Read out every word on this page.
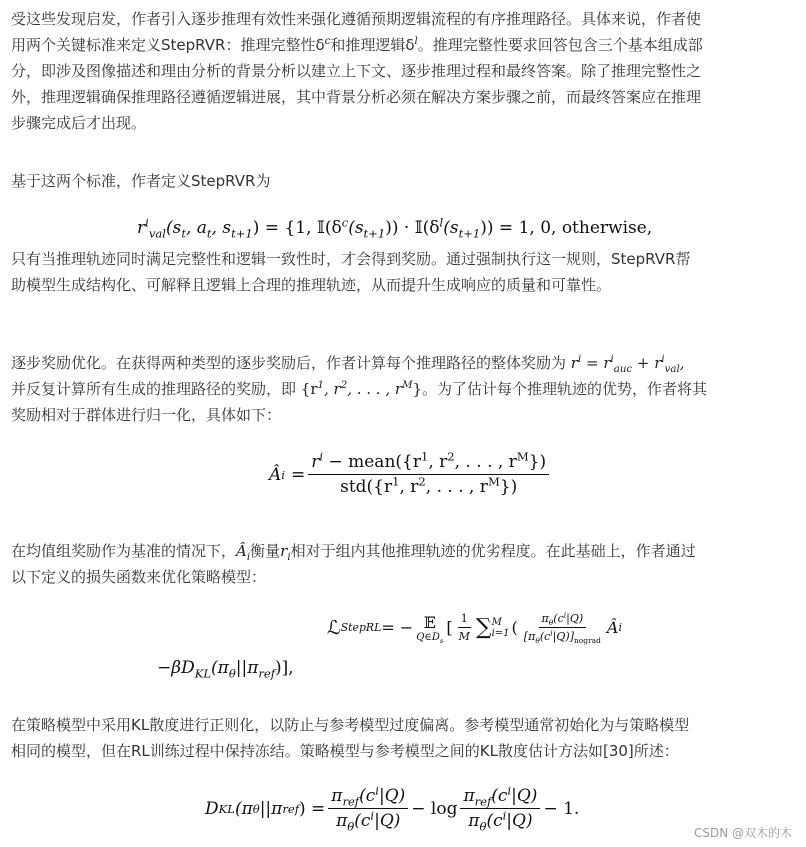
受这些发现启发，作者引入逐步推理有效性来强化遵循预期逻辑流程的有序推理路径。具体来说，作者使
用两个关键标准来定义StepRVR：推理完整性$\delta^c$和推理逻辑$\delta^l$。推理完整性要求回答包含三个基本组成部
分，即涉及图像描述和理由分析的背景分析以建立上下文、逐步推理过程和最终答案。除了推理完整性之
外，推理逻辑确保推理路径遵循逻辑进展，其中背景分析必须在解决方案步骤之前，而最终答案应在推理
步骤完成后才出现。
基于这两个标准，作者定义StepRVR为
$r^i_{val}(s_t$, $a_t$, $s_{t+1}) = \{1$, $𝕀(\delta^c(s_{t+1}))$ · $𝕀(\delta^l(s_{t+1})) = 1$, 0, otherwise,
只有当推理轨迹同时满足完整性和逻辑一致性时，才会得到奖励。通过强制执行这一规则，StepRVR帮
助模型生成结构化、可解释且逻辑上合理的推理轨迹，从而提升生成响应的质量和可靠性。
逐步奖励优化。在获得两种类型的逐步奖励后，作者计算每个推理路径的整体奖励为 $r^i = r^i_{auc} + r^i_{val}$,
并反复计算所有生成的推理路径的奖励，即 {$r^1$, $r^2$, . . . , $r^M$}。为了估计每个推理轨迹的优势，作者将其
奖励相对于群体进行归一化，具体如下：
Â $i = \frac{r^i - mean(\{r^1, r^2, . . . , r^M\})}{std(\{r^1, r^2, . . . , r^M\})}$
在均值组奖励作为基准的情况下，$Â_i$衡量$r_i$相对于组内其他推理轨迹的优劣程度。在此基础上，作者通过
以下定义的损失函数来优化策略模型：
ℒ StepRL = − 𝔼
$Q\in D_s$
[ $\frac{1}{M}$ ∑ M
i=1 ( $\frac{\pi_\theta(c^i|Q)}{[\pi_\theta(c^i|Q)]_{nograd}}$ Â i
$-\beta D_{KL}(\pi_\theta||\pi_{ref})$],
在策略模型中采用KL散度进行正则化，以防止与参考模型过度偏离。参考模型通常初始化为与策略模型
相同的模型，但在RL训练过程中保持冻结。策略模型与参考模型之间的KL散度估计方法如[30]所述：
D KL (π θ ||π ref ) = $\frac{\pi_{ref}(c^i|Q)}{\pi_\theta(c^i|Q)} - \log \frac{\pi_{ref}(c^i|Q)}{\pi_\theta(c^i|Q)} - 1$.
CSDN @双木的木
